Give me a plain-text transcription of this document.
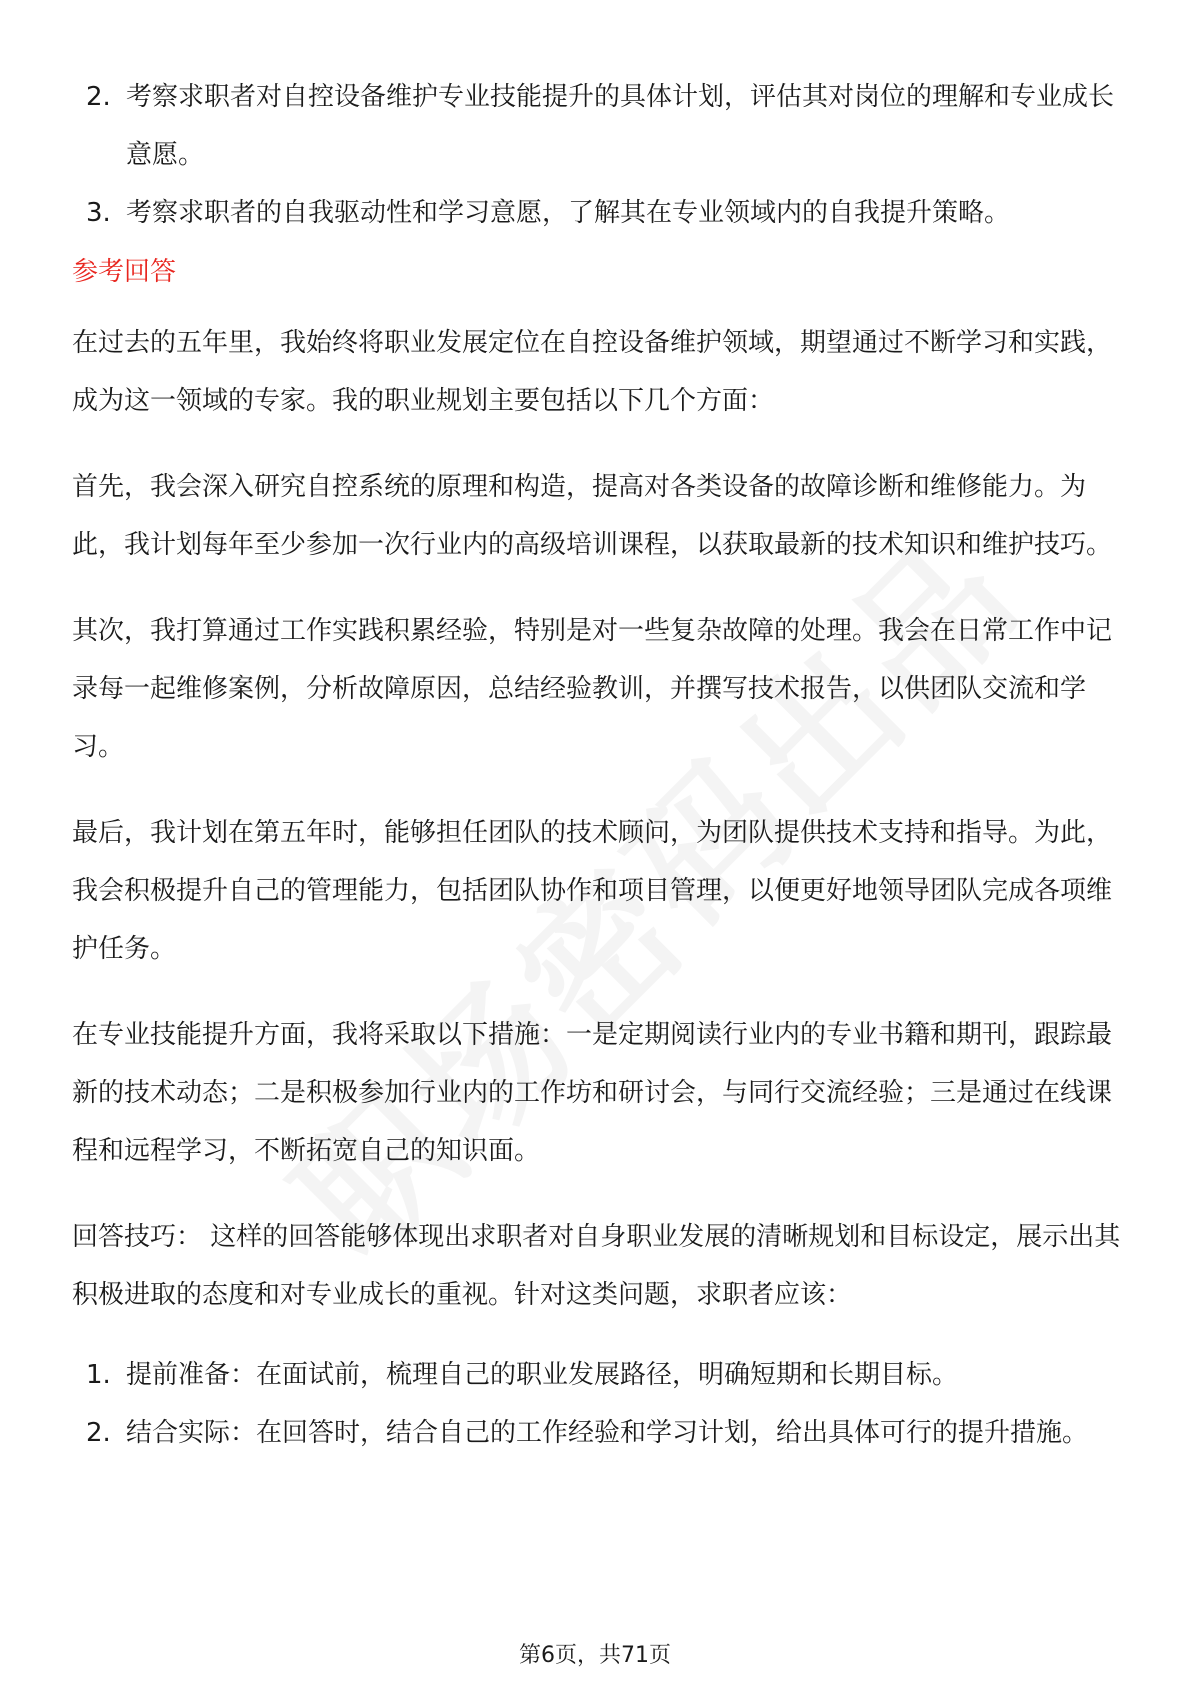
2. 考察求职者对自控设备维护专业技能提升的具体计划，评估其对岗位的理解和专业成长意愿。
3. 考察求职者的自我驱动性和学习意愿，了解其在专业领域内的自我提升策略。
参考回答

在过去的五年里，我始终将职业发展定位在自控设备维护领域，期望通过不断学习和实践，成为这一领域的专家。我的职业规划主要包括以下几个方面：

首先，我会深入研究自控系统的原理和构造，提高对各类设备的故障诊断和维修能力。为此，我计划每年至少参加一次行业内的高级培训课程，以获取最新的技术知识和维护技巧。

其次，我打算通过工作实践积累经验，特别是对一些复杂故障的处理。我会在日常工作中记录每一起维修案例，分析故障原因，总结经验教训，并撰写技术报告，以供团队交流和学习。

最后，我计划在第五年时，能够担任团队的技术顾问，为团队提供技术支持和指导。为此，我会积极提升自己的管理能力，包括团队协作和项目管理，以便更好地领导团队完成各项维护任务。

在专业技能提升方面，我将采取以下措施：一是定期阅读行业内的专业书籍和期刊，跟踪最新的技术动态；二是积极参加行业内的工作坊和研讨会，与同行交流经验；三是通过在线课程和远程学习，不断拓宽自己的知识面。

回答技巧： 这样的回答能够体现出求职者对自身职业发展的清晰规划和目标设定，展示出其积极进取的态度和对专业成长的重视。针对这类问题，求职者应该：

1. 提前准备：在面试前，梳理自己的职业发展路径，明确短期和长期目标。
2. 结合实际：在回答时，结合自己的工作经验和学习计划，给出具体可行的提升措施。
第6页，共71页
